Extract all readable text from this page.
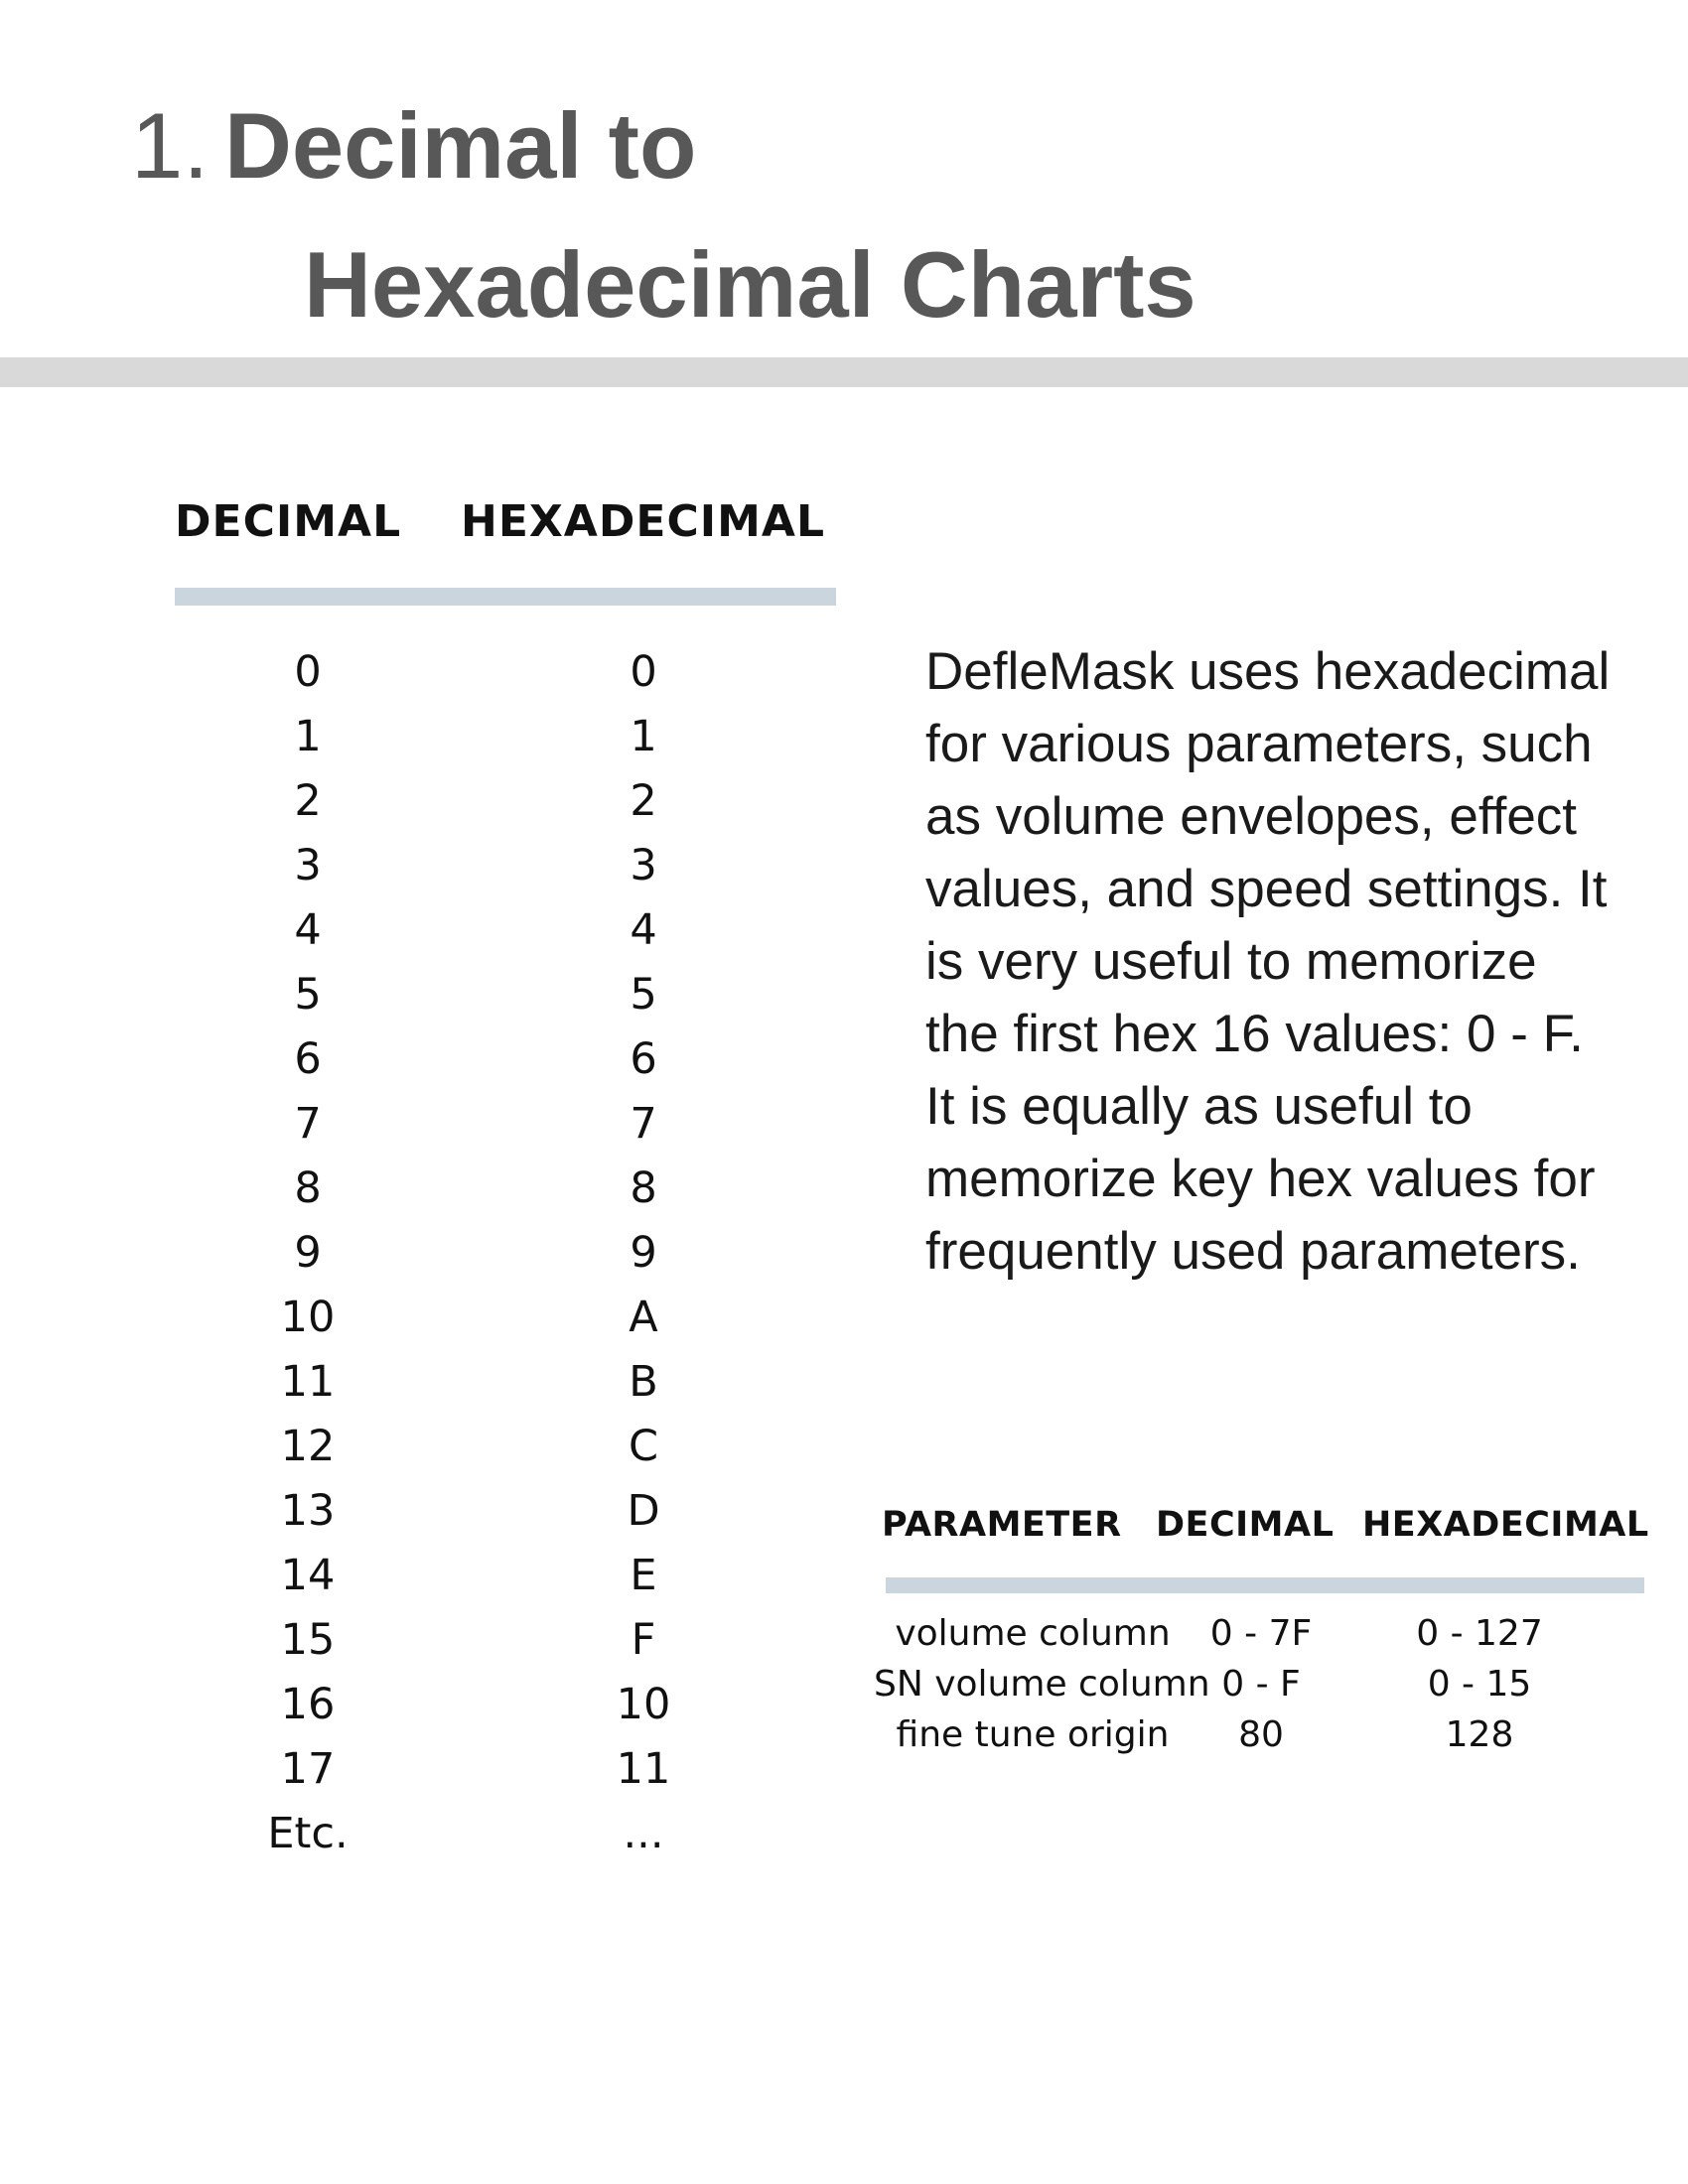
1. Decimal to
Hexadecimal Charts
DECIMAL HEXADECIMAL
0	0
1	1
2	2
3	3
4	4
5	5
6	6
7	7
8	8
9	9
10	A
11	B
12	C
13	D
14	E
15	F
16	10
17	11
Etc.	...
DefleMask uses hexadecimal for various parameters, such as volume envelopes, effect values, and speed settings. It is very useful to memorize the first hex 16 values: 0 - F. It is equally as useful to memorize key hex values for frequently used parameters.
PARAMETER DECIMAL HEXADECIMAL
volume column	0 - 7F	0 - 127
SN volume column 0 - F	0 - 15
fine tune origin	80	128
